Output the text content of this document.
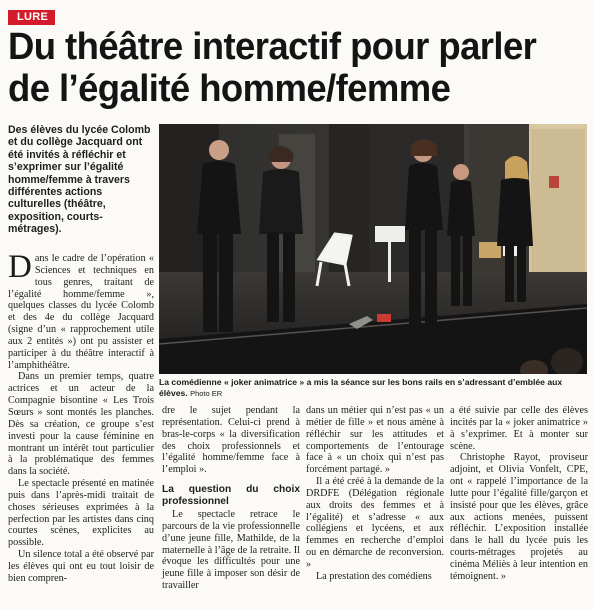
LURE
Du théâtre interactif pour parler de l’égalité homme/femme
Des élèves du lycée Colomb et du collège Jacquard ont été invités à réfléchir et s’exprimer sur l’égalité homme/femme à travers différentes actions culturelles (théâtre, exposition, courts-métrages).
La comédienne « joker animatrice » a mis la séance sur les bons rails en s’adressant d’emblée aux élèves. Photo ER

D ans le cadre de l’opération « Sciences et techniques en tous genres, traitant de l’égalité homme/femme », quelques classes du lycée Colomb et des 4e du collège Jacquard (signe d’un « rapprochement utile aux 2 entités ») ont pu assister et participer à du théâtre interactif à l’amphithéâtre.

Dans un premier temps, quatre actrices et un acteur de la Compagnie bisontine « Les Trois Sœurs » sont montés les planches. Dès sa création, ce groupe s’est investi pour la cause féminine en montrant un intérêt tout particulier à la problématique des femmes dans la société.

Le spectacle présenté en matinée puis dans l’après-midi traitait de choses sérieuses exprimées à la perfection par les artistes dans cinq courtes scènes, explicites au possible.

Un silence total a été observé par les élèves qui ont eu tout loisir de bien compren-

dre le sujet pendant la représentation. Celui-ci prend à bras-le-corps « la diversification des choix professionnels et l’égalité homme/femme face à l’emploi ».

La question du choix professionnel

Le spectacle retrace le parcours de la vie professionnelle d’une jeune fille, Mathilde, de la maternelle à l’âge de la retraite. Il évoque les difficultés pour une jeune fille à imposer son désir de travailler

dans un métier qui n’est pas « un métier de fille » et nous amène à réfléchir sur les attitudes et comportements de l’entourage face à « un choix qui n’est pas forcément partagé. »

Il a été créé à la demande de la DRDFE (Délégation régionale aux droits des femmes et à l’égalité) et s’adresse « aux collégiens et lycéens, et aux femmes en recherche d’emploi ou en démarche de reconversion. »

La prestation des comédiens

a été suivie par celle des élèves incités par la « joker animatrice » à s’exprimer. Et à monter sur scène.

Christophe Rayot, proviseur adjoint, et Olivia Vonfelt, CPE, ont « rappelé l’importance de la lutte pour l’égalité fille/garçon et insisté pour que les élèves, grâce aux actions menées, puissent réfléchir. L’exposition installée dans le hall du lycée puis les courts-métrages projetés au cinéma Méliès à leur intention en témoignent. »
